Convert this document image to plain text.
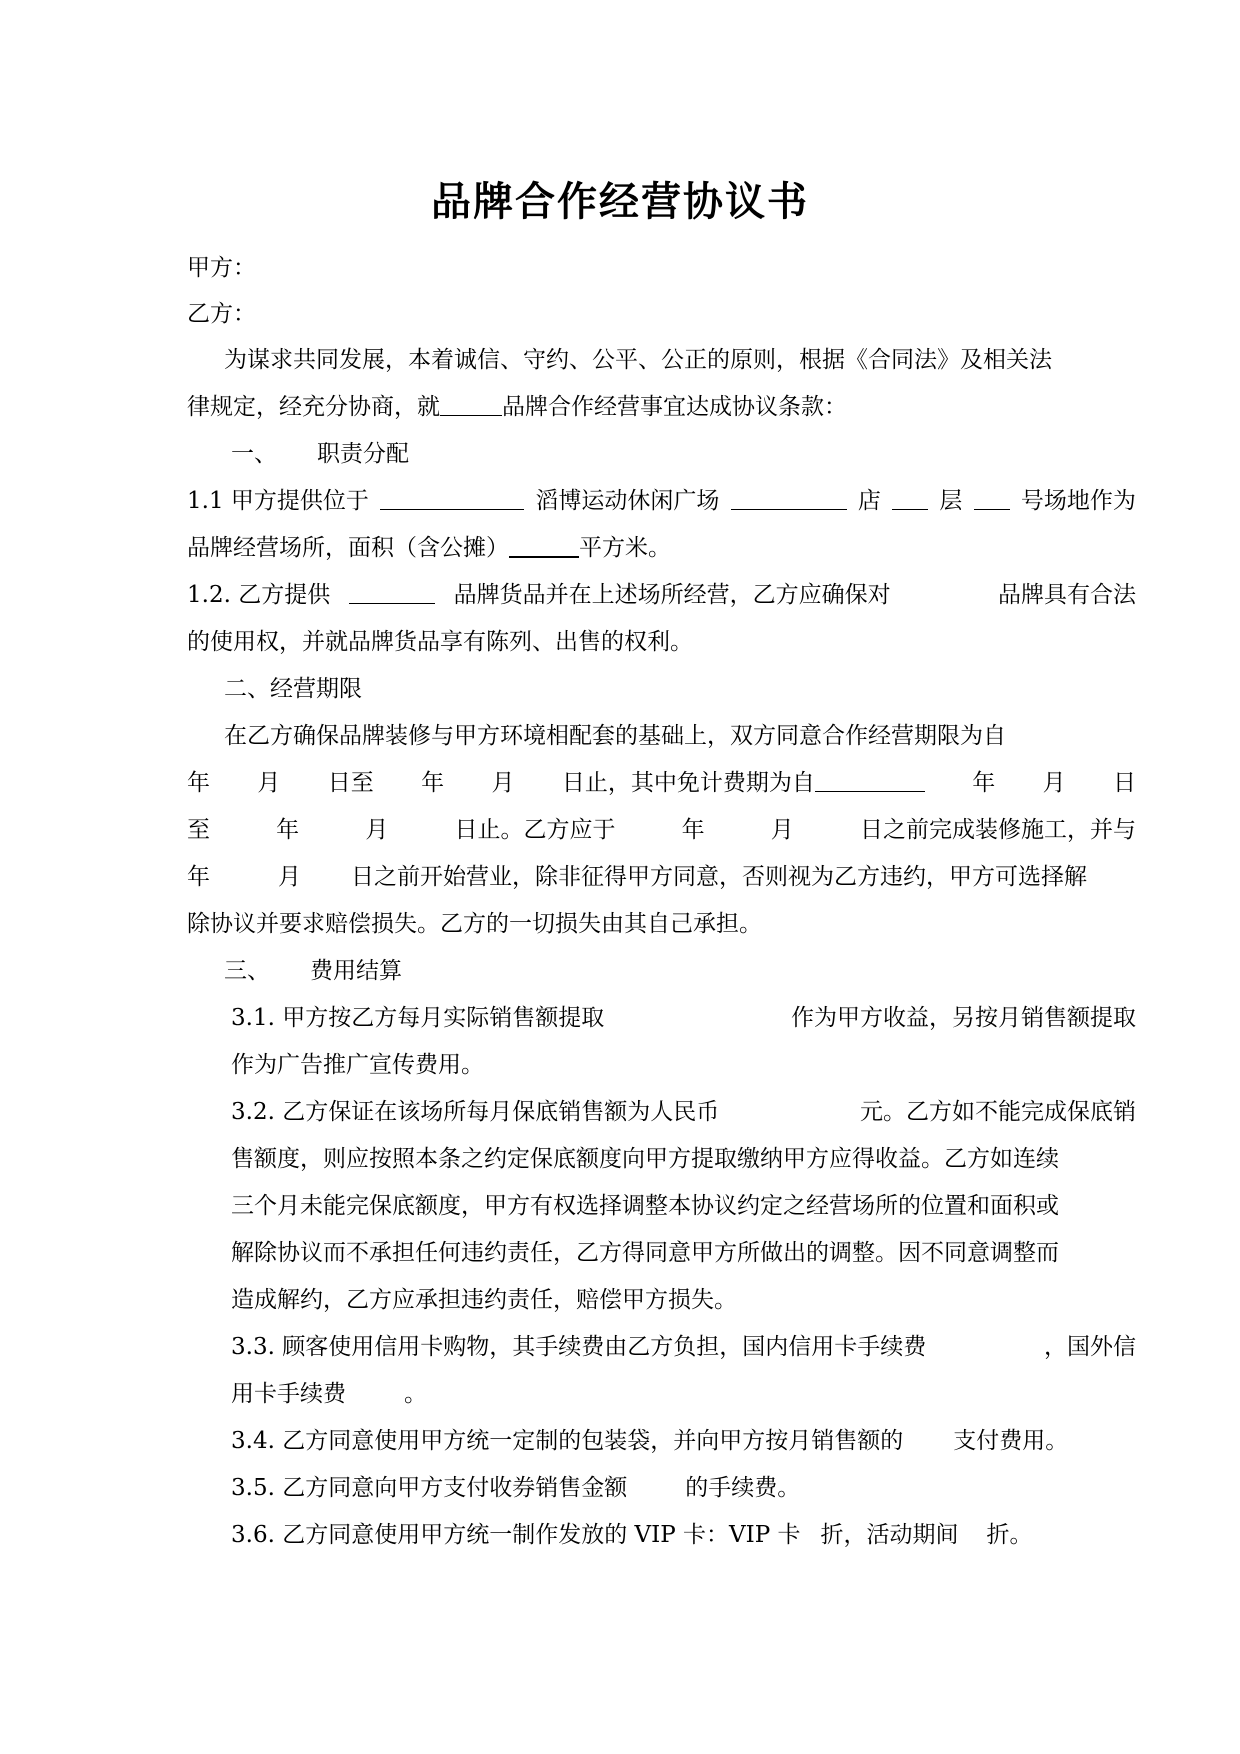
品牌合作经营协议书

甲方：

乙方：

为谋求共同发展，本着诚信、守约、公平、公正的原则，根据《合同法》及相关法

律规定，经充分协商，就	品牌合作经营事宜达成协议条款：

一、 职责分配

1.1 甲方提供位于	滔博运动休闲广场	店	层	号场地作为

品牌经营场所，面积（含公摊）	平方米。

1.2. 乙方提供	品牌货品并在上述场所经营，乙方应确保对	品牌具有合法

的使用权，并就品牌货品享有陈列、出售的权利。

二、经营期限

在乙方确保品牌装修与甲方环境相配套的基础上，双方同意合作经营期限为自

年 月 日至 年 月 日止，其中免计费期为自	年 月 日

至	年	月	日止。乙方应于	年	月	日之前完成装修施工，并与

年	月 日之前开始营业，除非征得甲方同意，否则视为乙方违约，甲方可选择解

除协议并要求赔偿损失。乙方的一切损失由其自己承担。

三、 费用结算

3.1. 甲方按乙方每月实际销售额提取	作为甲方收益，另按月销售额提取

作为广告推广宣传费用。

3.2. 乙方保证在该场所每月保底销售额为人民币	元。乙方如不能完成保底销

售额度，则应按照本条之约定保底额度向甲方提取缴纳甲方应得收益。乙方如连续

三个月未能完保底额度，甲方有权选择调整本协议约定之经营场所的位置和面积或

解除协议而不承担任何违约责任，乙方得同意甲方所做出的调整。因不同意调整而

造成解约，乙方应承担违约责任，赔偿甲方损失。

3.3. 顾客使用信用卡购物，其手续费由乙方负担，国内信用卡手续费	，国外信

用卡手续费	。

3.4. 乙方同意使用甲方统一定制的包装袋，并向甲方按月销售额的 支付费用。

3.5. 乙方同意向甲方支付收券销售金额	的手续费。

3.6. 乙方同意使用甲方统一制作发放的 VIP 卡：VIP 卡 折，活动期间 折。
